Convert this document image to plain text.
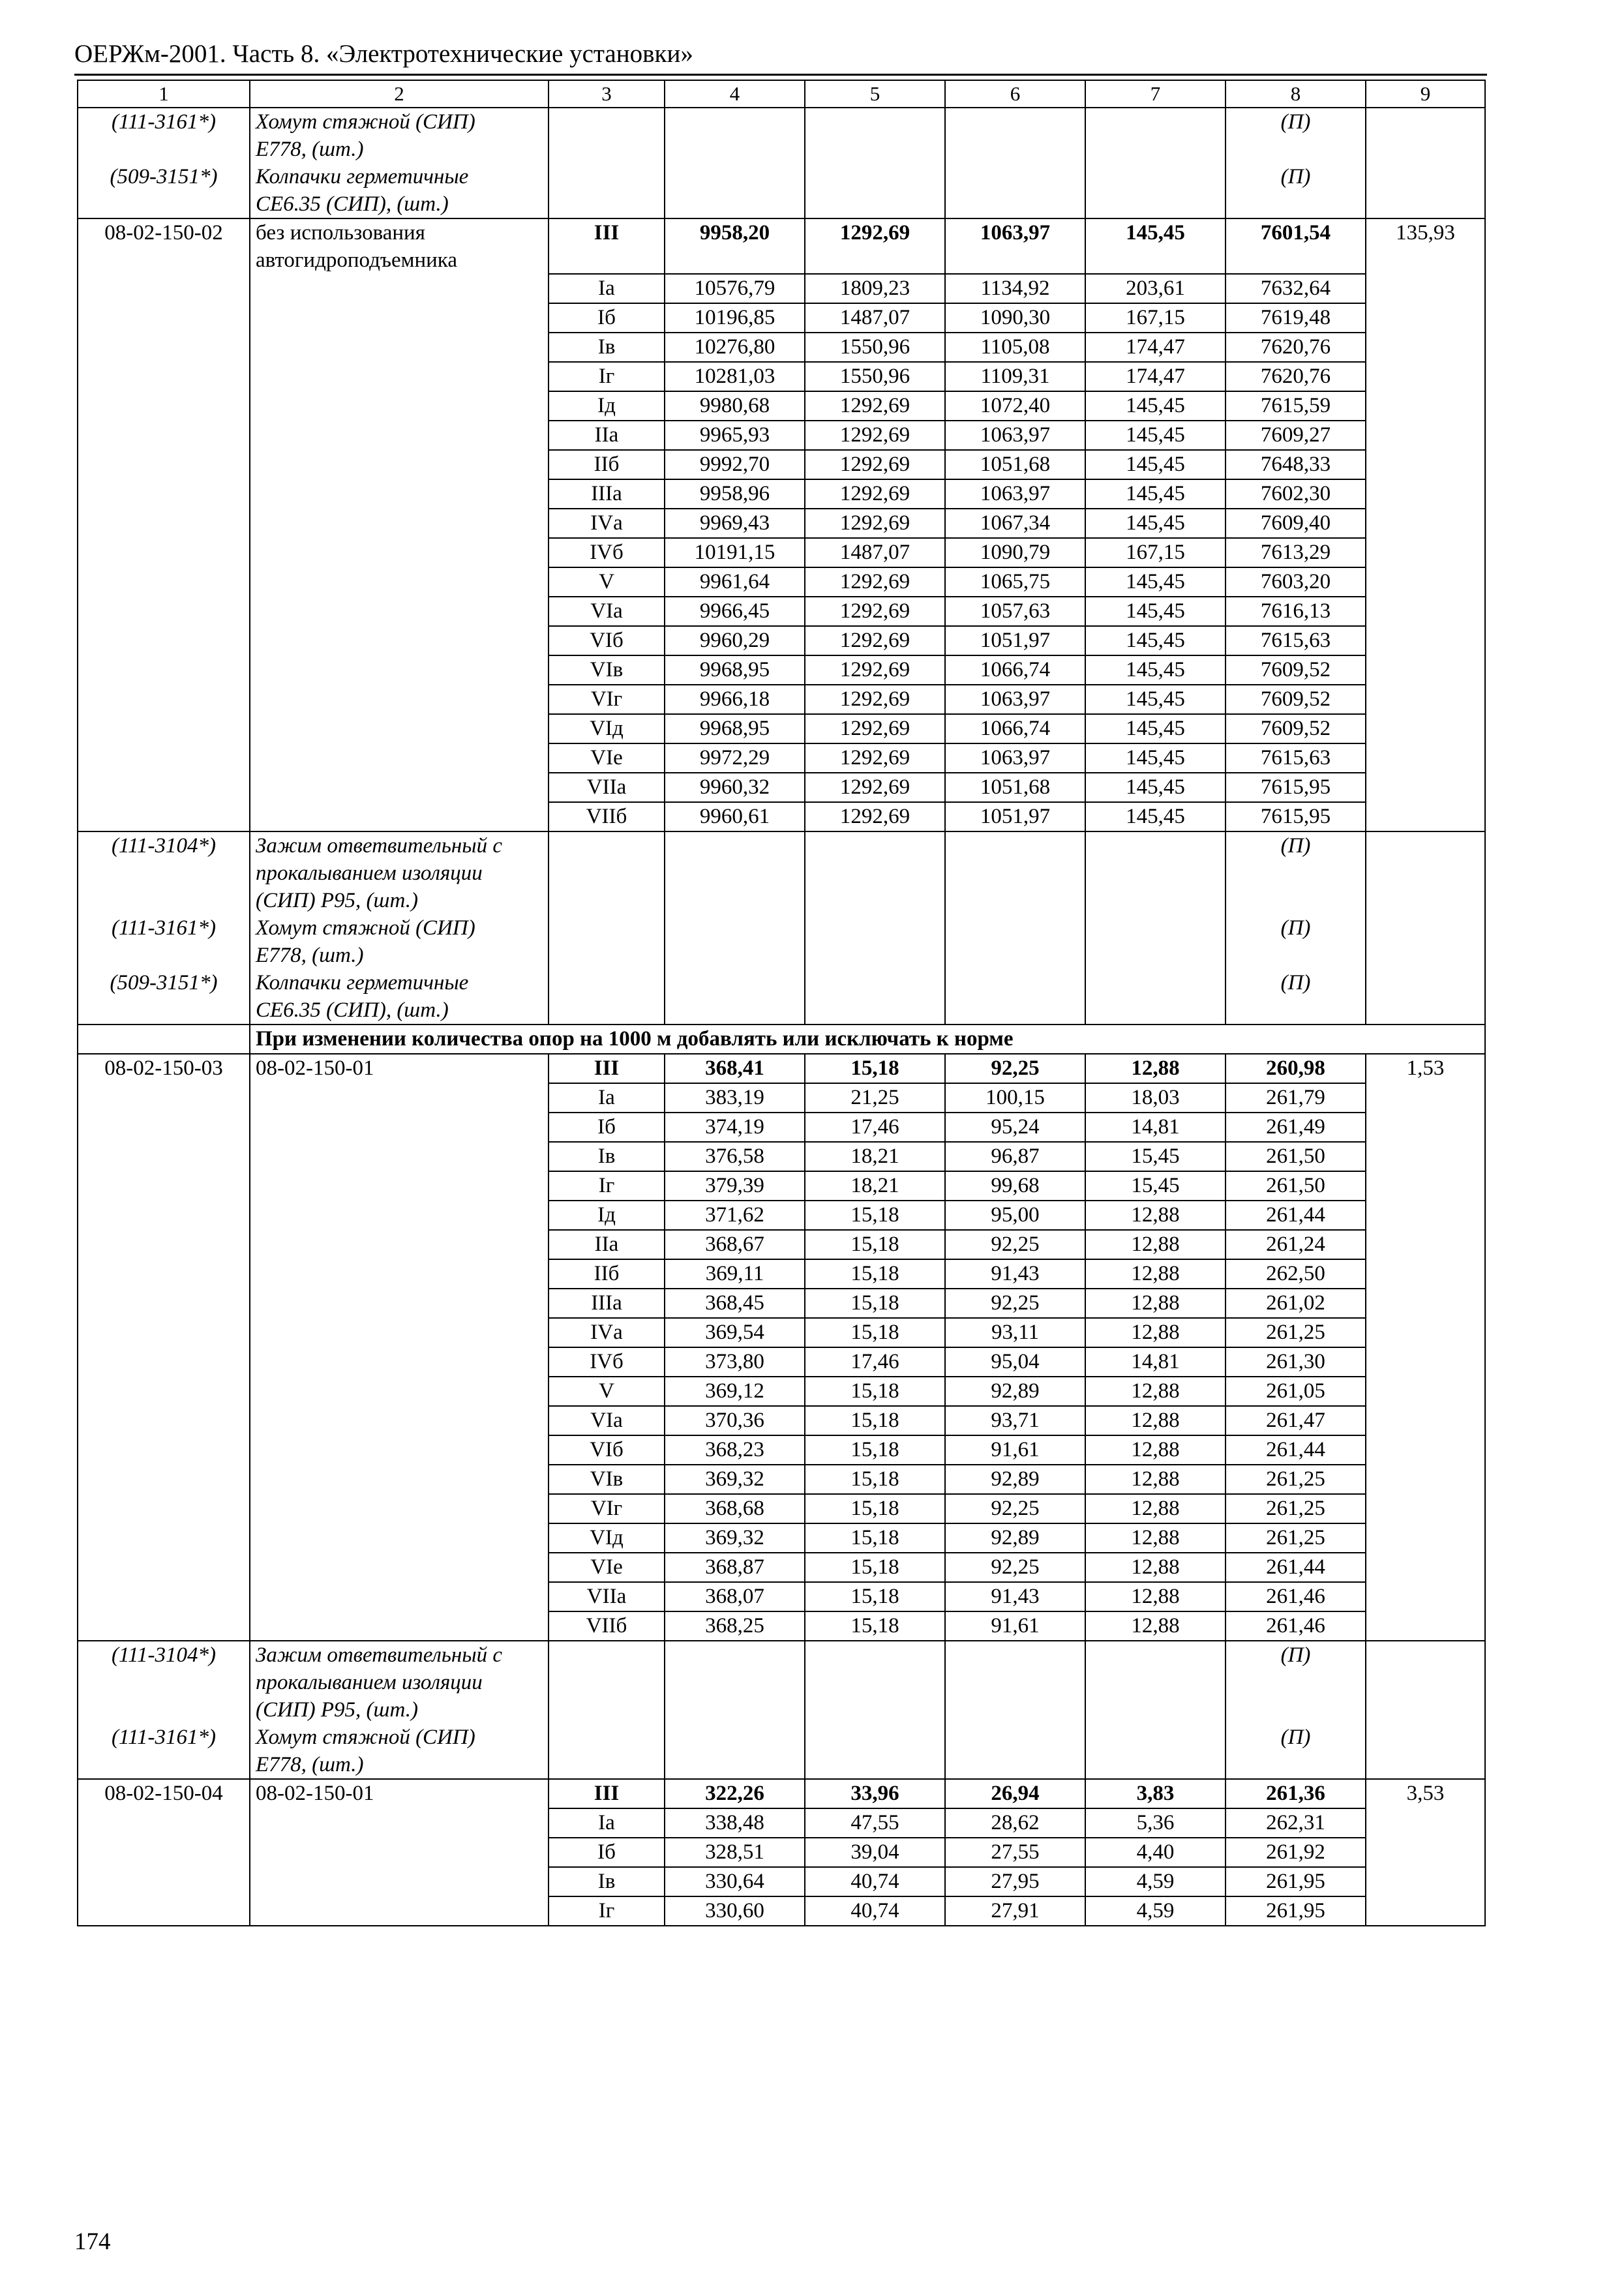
ОЕРЖм-2001. Часть 8. «Электротехнические установки»
1	2	3	4	5	6	7	8	9
(111-3161*)	Хомут стяжной (СИП)
Е778, (шт.)						(П)	
(509-3151*)	Колпачки герметичные
СЕ6.35 (СИП), (шт.)						(П)	
08-02-150-02	без использования
автогидроподъемника	III	9958,20	1292,69	1063,97	145,45	7601,54	135,93
		Iа	10576,79	1809,23	1134,92	203,61	7632,64	
		Iб	10196,85	1487,07	1090,30	167,15	7619,48	
		Iв	10276,80	1550,96	1105,08	174,47	7620,76	
		Iг	10281,03	1550,96	1109,31	174,47	7620,76	
		Iд	9980,68	1292,69	1072,40	145,45	7615,59	
		IIа	9965,93	1292,69	1063,97	145,45	7609,27	
		IIб	9992,70	1292,69	1051,68	145,45	7648,33	
		IIIа	9958,96	1292,69	1063,97	145,45	7602,30	
		IVа	9969,43	1292,69	1067,34	145,45	7609,40	
		IVб	10191,15	1487,07	1090,79	167,15	7613,29	
		V	9961,64	1292,69	1065,75	145,45	7603,20	
		VIа	9966,45	1292,69	1057,63	145,45	7616,13	
		VIб	9960,29	1292,69	1051,97	145,45	7615,63	
		VIв	9968,95	1292,69	1066,74	145,45	7609,52	
		VIг	9966,18	1292,69	1063,97	145,45	7609,52	
		VIд	9968,95	1292,69	1066,74	145,45	7609,52	
		VIе	9972,29	1292,69	1063,97	145,45	7615,63	
		VIIа	9960,32	1292,69	1051,68	145,45	7615,95	
		VIIб	9960,61	1292,69	1051,97	145,45	7615,95	
(111-3104*)	Зажим ответвительный с
прокалыванием изоляции
(СИП) Р95, (шт.)						(П)	
(111-3161*)	Хомут стяжной (СИП)
Е778, (шт.)						(П)	
(509-3151*)	Колпачки герметичные
СЕ6.35 (СИП), (шт.)						(П)	
	При изменении количества опор на 1000 м добавлять или исключать к норме							
08-02-150-03	08-02-150-01	III	368,41	15,18	92,25	12,88	260,98	1,53
		Iа	383,19	21,25	100,15	18,03	261,79	
		Iб	374,19	17,46	95,24	14,81	261,49	
		Iв	376,58	18,21	96,87	15,45	261,50	
		Iг	379,39	18,21	99,68	15,45	261,50	
		Iд	371,62	15,18	95,00	12,88	261,44	
		IIа	368,67	15,18	92,25	12,88	261,24	
		IIб	369,11	15,18	91,43	12,88	262,50	
		IIIа	368,45	15,18	92,25	12,88	261,02	
		IVа	369,54	15,18	93,11	12,88	261,25	
		IVб	373,80	17,46	95,04	14,81	261,30	
		V	369,12	15,18	92,89	12,88	261,05	
		VIа	370,36	15,18	93,71	12,88	261,47	
		VIб	368,23	15,18	91,61	12,88	261,44	
		VIв	369,32	15,18	92,89	12,88	261,25	
		VIг	368,68	15,18	92,25	12,88	261,25	
		VIд	369,32	15,18	92,89	12,88	261,25	
		VIе	368,87	15,18	92,25	12,88	261,44	
		VIIа	368,07	15,18	91,43	12,88	261,46	
		VIIб	368,25	15,18	91,61	12,88	261,46	
(111-3104*)	Зажим ответвительный с
прокалыванием изоляции
(СИП) Р95, (шт.)						(П)	
(111-3161*)	Хомут стяжной (СИП)
Е778, (шт.)						(П)	
08-02-150-04	08-02-150-01	III	322,26	33,96	26,94	3,83	261,36	3,53
		Iа	338,48	47,55	28,62	5,36	262,31	
		Iб	328,51	39,04	27,55	4,40	261,92	
		Iв	330,64	40,74	27,95	4,59	261,95	
		Iг	330,60	40,74	27,91	4,59	261,95	
174
